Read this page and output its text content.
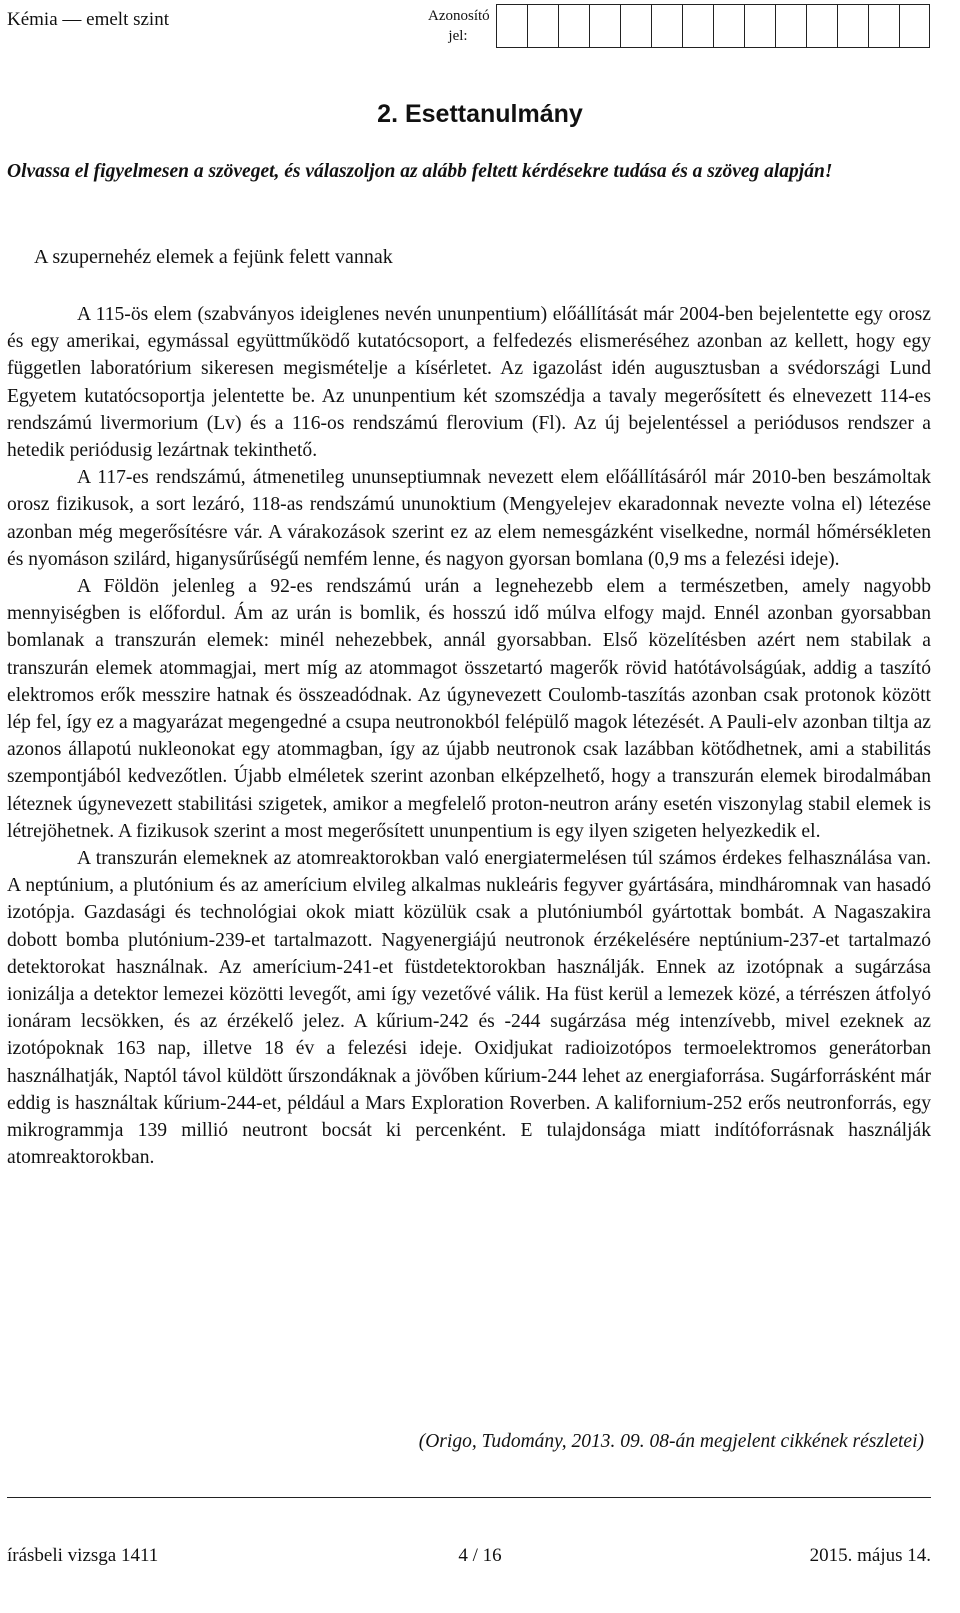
Kémia — emelt szint	Azonosító
jel:
2. Esettanulmány
Olvassa el figyelmesen a szöveget, és válaszoljon az alább feltett kérdésekre tudása és a szöveg alapján!
A szupernehéz elemek a fejünk felett vannak

A 115-ös elem (szabványos ideiglenes nevén ununpentium) előállítását már 2004-ben bejelentette egy orosz és egy amerikai, egymással együttműködő kutatócsoport, a felfedezés elismeréséhez azonban az kellett, hogy egy független laboratórium sikeresen megismételje a kísérletet. Az igazolást idén augusztusban a svédországi Lund Egyetem kutatócsoportja jelentette be. Az ununpentium két szomszédja a tavaly megerősített és elnevezett 114-es rendszámú livermorium (Lv) és a 116-os rendszámú flerovium (Fl). Az új bejelentéssel a periódusos rendszer a hetedik periódusig lezártnak tekinthető.

A 117-es rendszámú, átmenetileg ununseptiumnak nevezett elem előállításáról már 2010-ben beszámoltak orosz fizikusok, a sort lezáró, 118-as rendszámú ununoktium (Mengyelejev ekaradonnak nevezte volna el) létezése azonban még megerősítésre vár. A várakozások szerint ez az elem nemesgázként viselkedne, normál hőmérsékleten és nyomáson szilárd, higanysűrűségű nemfém lenne, és nagyon gyorsan bomlana (0,9 ms a felezési ideje).

A Földön jelenleg a 92-es rendszámú urán a legnehezebb elem a természetben, amely nagyobb mennyiségben is előfordul. Ám az urán is bomlik, és hosszú idő múlva elfogy majd. Ennél azonban gyorsabban bomlanak a transzurán elemek: minél nehezebbek, annál gyorsabban. Első közelítésben azért nem stabilak a transzurán elemek atommagjai, mert míg az atommagot összetartó magerők rövid hatótávolságúak, addig a taszító elektromos erők messzire hatnak és összeadódnak. Az úgynevezett Coulomb-taszítás azonban csak protonok között lép fel, így ez a magyarázat megengedné a csupa neutronokból felépülő magok létezését. A Pauli-elv azonban tiltja az azonos állapotú nukleonokat egy atommagban, így az újabb neutronok csak lazábban kötődhetnek, ami a stabilitás szempontjából kedvezőtlen. Újabb elméletek szerint azonban elképzelhető, hogy a transzurán elemek birodalmában léteznek úgynevezett stabilitási szigetek, amikor a megfelelő proton-neutron arány esetén viszonylag stabil elemek is létrejöhetnek. A fizikusok szerint a most megerősített ununpentium is egy ilyen szigeten helyezkedik el.

A transzurán elemeknek az atomreaktorokban való energiatermelésen túl számos érdekes felhasználása van. A neptúnium, a plutónium és az amerícium elvileg alkalmas nukleáris fegyver gyártására, mindháromnak van hasadó izotópja. Gazdasági és technológiai okok miatt közülük csak a plutóniumból gyártottak bombát. A Nagaszakira dobott bomba plutónium-239-et tartalmazott. Nagyenergiájú neutronok érzékelésére neptúnium-237-et tartalmazó detektorokat használnak. Az amerícium-241-et füstdetektorokban használják. Ennek az izotópnak a sugárzása ionizálja a detektor lemezei közötti levegőt, ami így vezetővé válik. Ha füst kerül a lemezek közé, a térrészen átfolyó ionáram lecsökken, és az érzékelő jelez. A kűrium-242 és -244 sugárzása még intenzívebb, mivel ezeknek az izotópoknak 163 nap, illetve 18 év a felezési ideje. Oxidjukat radioizotópos termoelektromos generátorban használhatják, Naptól távol küldött űrszondáknak a jövőben kűrium-244 lehet az energiaforrása. Sugárforrásként már eddig is használtak kűrium-244-et, például a Mars Exploration Roverben. A kalifornium-252 erős neutronforrás, egy mikrogrammja 139 millió neutront bocsát ki percenként. E tulajdonsága miatt indítóforrásnak használják atomreaktorokban.

(Origo, Tudomány, 2013. 09. 08-án megjelent cikkének részletei)
írásbeli vizsga 1411	4 / 16	2015. május 14.
